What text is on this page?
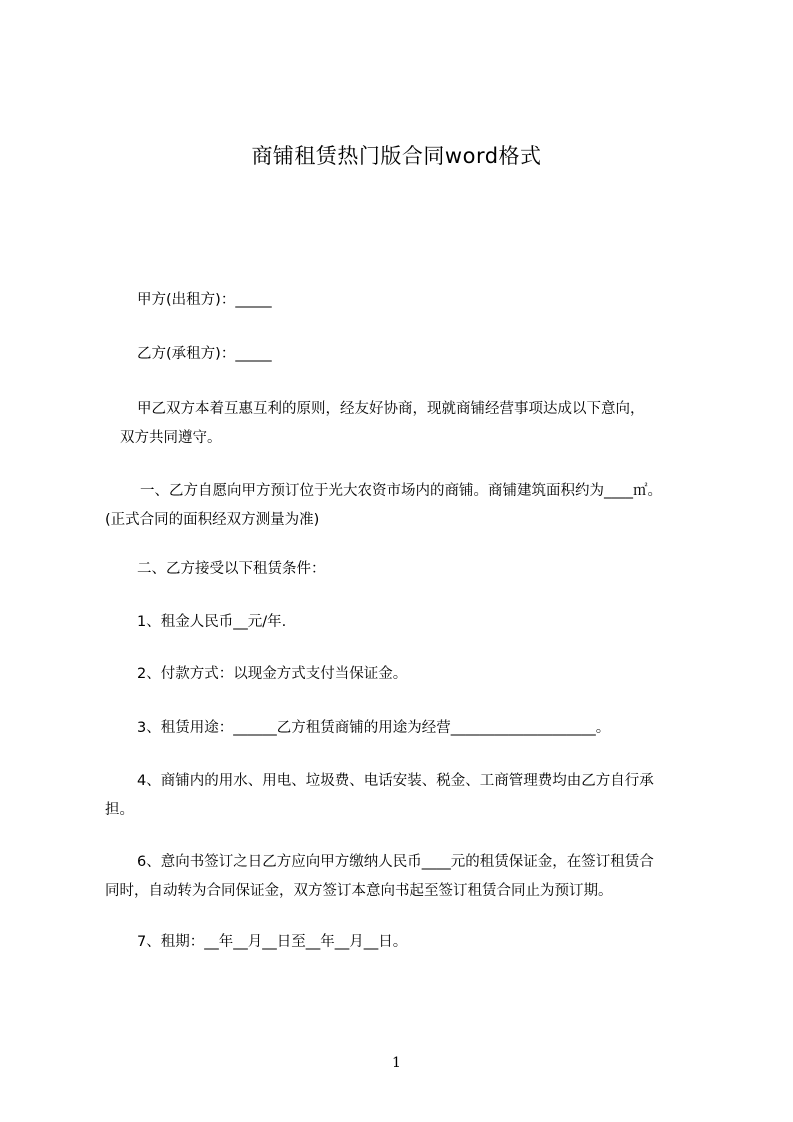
商铺租赁热门版合同word格式
甲方(出租方)：_____
乙方(承租方)：_____
甲乙双方本着互惠互利的原则，经友好协商，现就商铺经营事项达成以下意向，
双方共同遵守。
一、乙方自愿向甲方预订位于光大农资市场内的商铺。商铺建筑面积约为____㎡。
(正式合同的面积经双方测量为准)
二、乙方接受以下租赁条件：
1、租金人民币__元/年.
2、付款方式：以现金方式支付当保证金。
3、租赁用途：______乙方租赁商铺的用途为经营____________________。
4、商铺内的用水、用电、垃圾费、电话安装、税金、工商管理费均由乙方自行承
担。
6、意向书签订之日乙方应向甲方缴纳人民币____元的租赁保证金，在签订租赁合
同时，自动转为合同保证金，双方签订本意向书起至签订租赁合同止为预订期。
7、租期：__年__月__日至__年__月__日。
1
